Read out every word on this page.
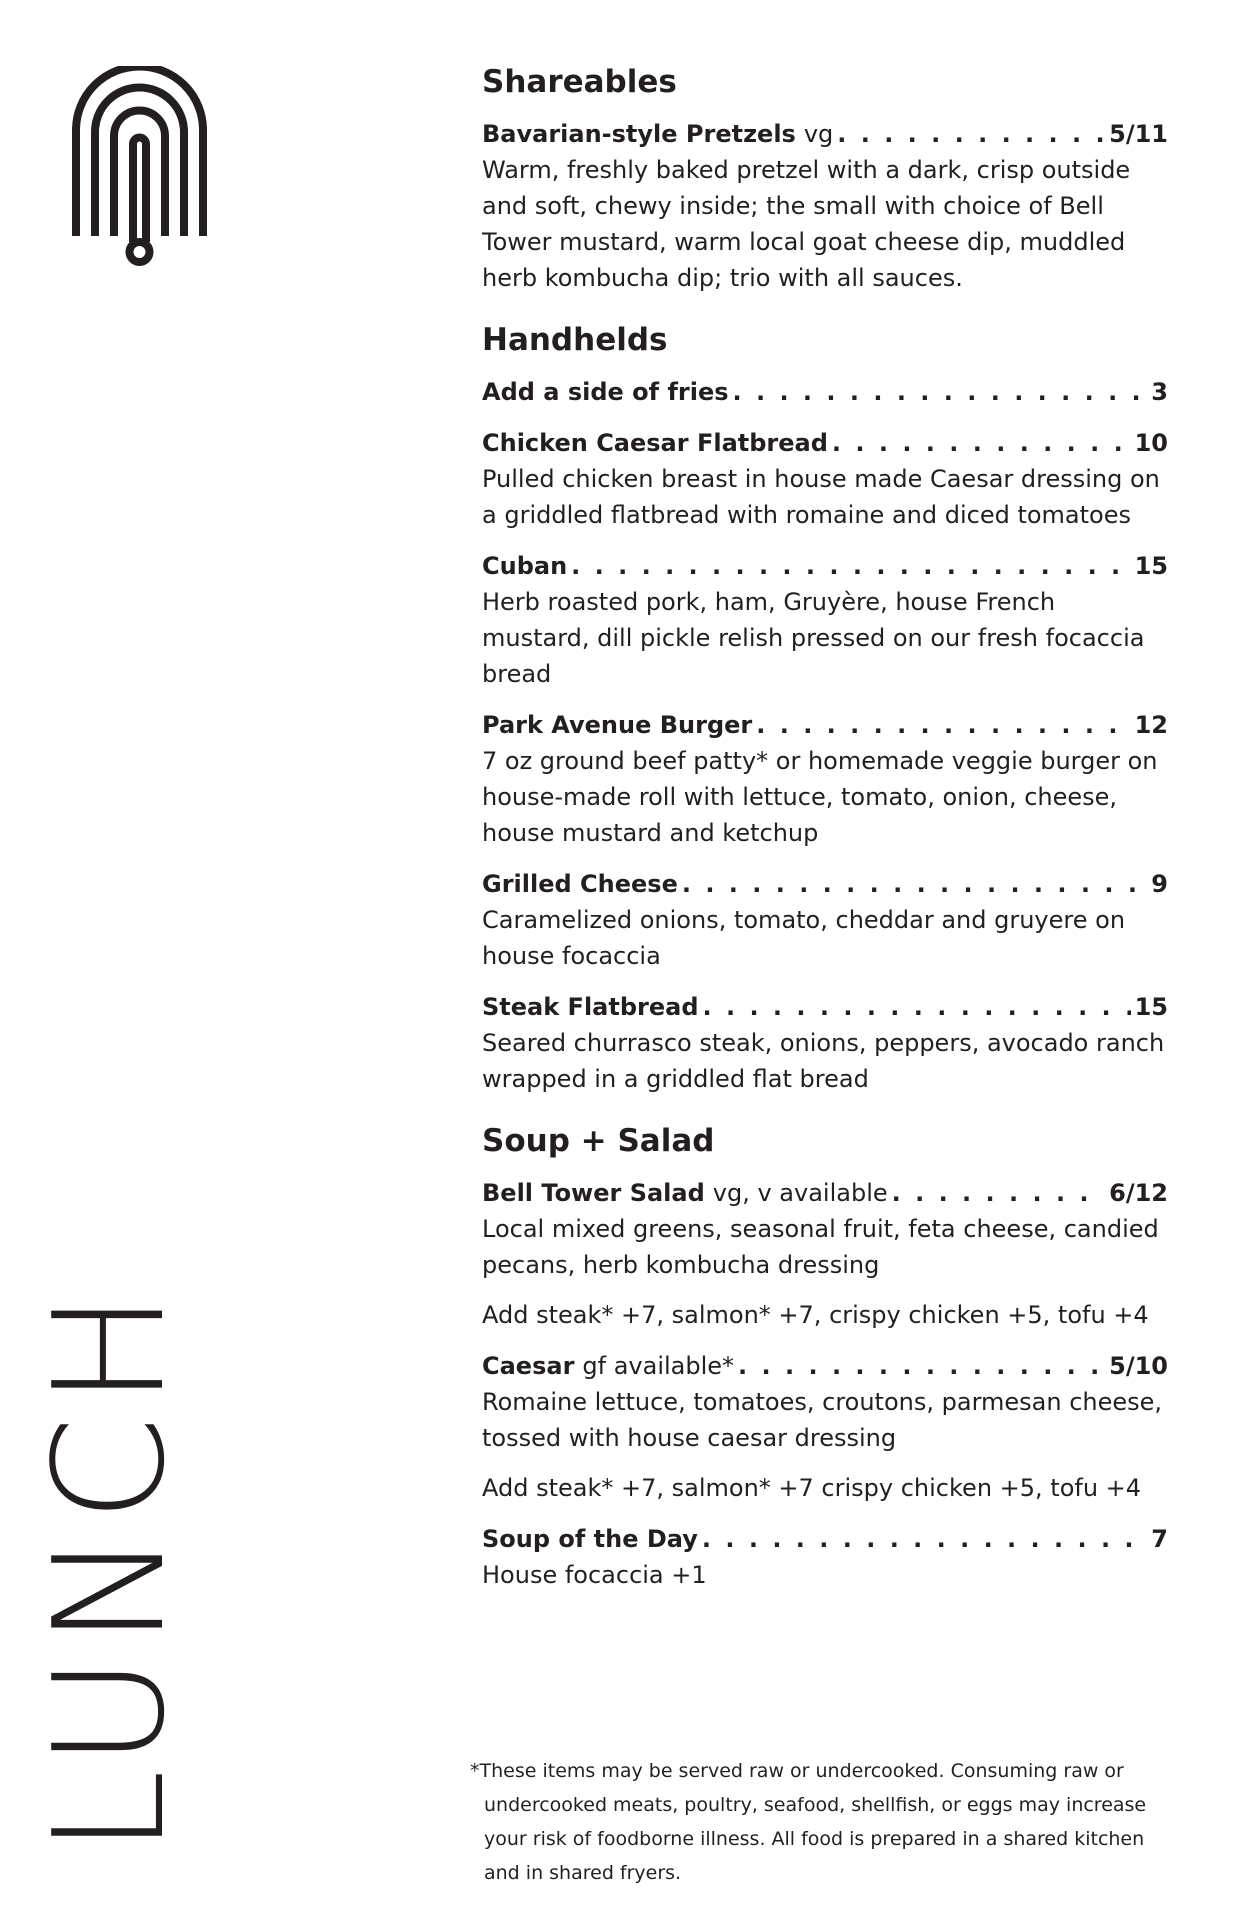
LUNCH
Shareables
Bavarian-style Pretzels vg . . .	5/11

Warm, freshly baked pretzel with a dark, crisp outside and soft, chewy inside; the small with choice of Bell Tower mustard, warm local goat cheese dip, muddled herb kombucha dip; trio with all sauces.

Handhelds
Add a side of fries . . .	3
Chicken Caesar Flatbread . . .	10

Pulled chicken breast in house made Caesar dressing on a griddled flatbread with romaine and diced tomatoes

Cuban . . .	15

Herb roasted pork, ham, Gruyère, house French mustard, dill pickle relish pressed on our fresh focaccia bread

Park Avenue Burger . . .	12

7 oz ground beef patty* or homemade veggie burger on house-made roll with lettuce, tomato, onion, cheese, house mustard and ketchup

Grilled Cheese . . .	9

Caramelized onions, tomato, cheddar and gruyere on house focaccia

Steak Flatbread . . .	15

Seared churrasco steak, onions, peppers, avocado ranch wrapped in a griddled flat bread

Soup + Salad
Bell Tower Salad vg, v available . . .	6/12

Local mixed greens, seasonal fruit, feta cheese, candied pecans, herb kombucha dressing

Add steak* +7, salmon* +7, crispy chicken +5, tofu +4
Caesar gf available* . . .	5/10

Romaine lettuce, tomatoes, croutons, parmesan cheese, tossed with house caesar dressing

Add steak* +7, salmon* +7 crispy chicken +5, tofu +4
Soup of the Day . . .	7

House focaccia +1

*These items may be served raw or undercooked. Consuming raw or
undercooked meats, poultry, seafood, shellfish, or eggs may increase
your risk of foodborne illness. All food is prepared in a shared kitchen
and in shared fryers.
